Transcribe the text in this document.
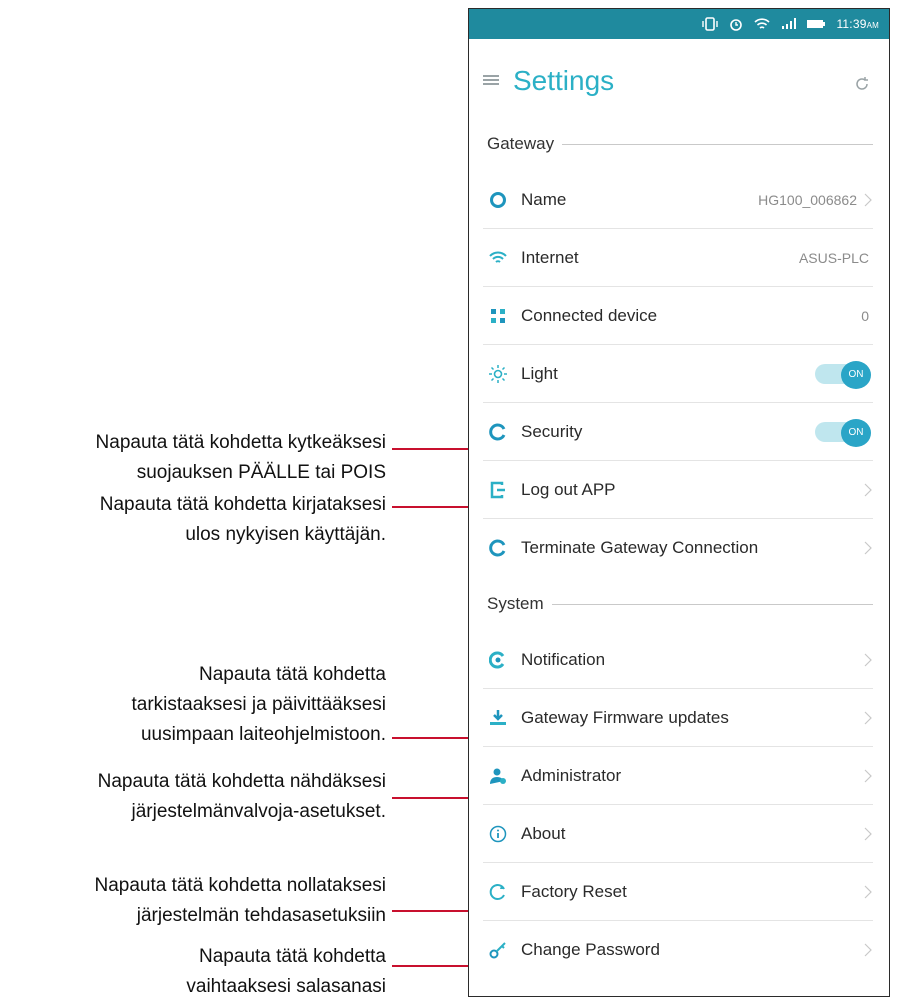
Napauta tätä kohdetta kytkeäksesi
suojauksen PÄÄLLE tai POIS
Napauta tätä kohdetta kirjataksesi
ulos nykyisen käyttäjän.
Napauta tätä kohdetta
tarkistaaksesi ja päivittääksesi
uusimpaan laiteohjelmistoon.
Napauta tätä kohdetta nähdäksesi
järjestelmänvalvoja-asetukset.
Napauta tätä kohdetta nollataksesi
järjestelmän tehdasasetuksiin
Napauta tätä kohdetta
vaihtaaksesi salasanasi
11:39AM
Settings
Gateway
Name	HG100_006862
Internet	ASUS-PLC
Connected device	0
Light	ON
Security	ON
Log out APP
Terminate Gateway Connection
System
Notification
Gateway Firmware updates
Administrator
About
Factory Reset
Change Password
